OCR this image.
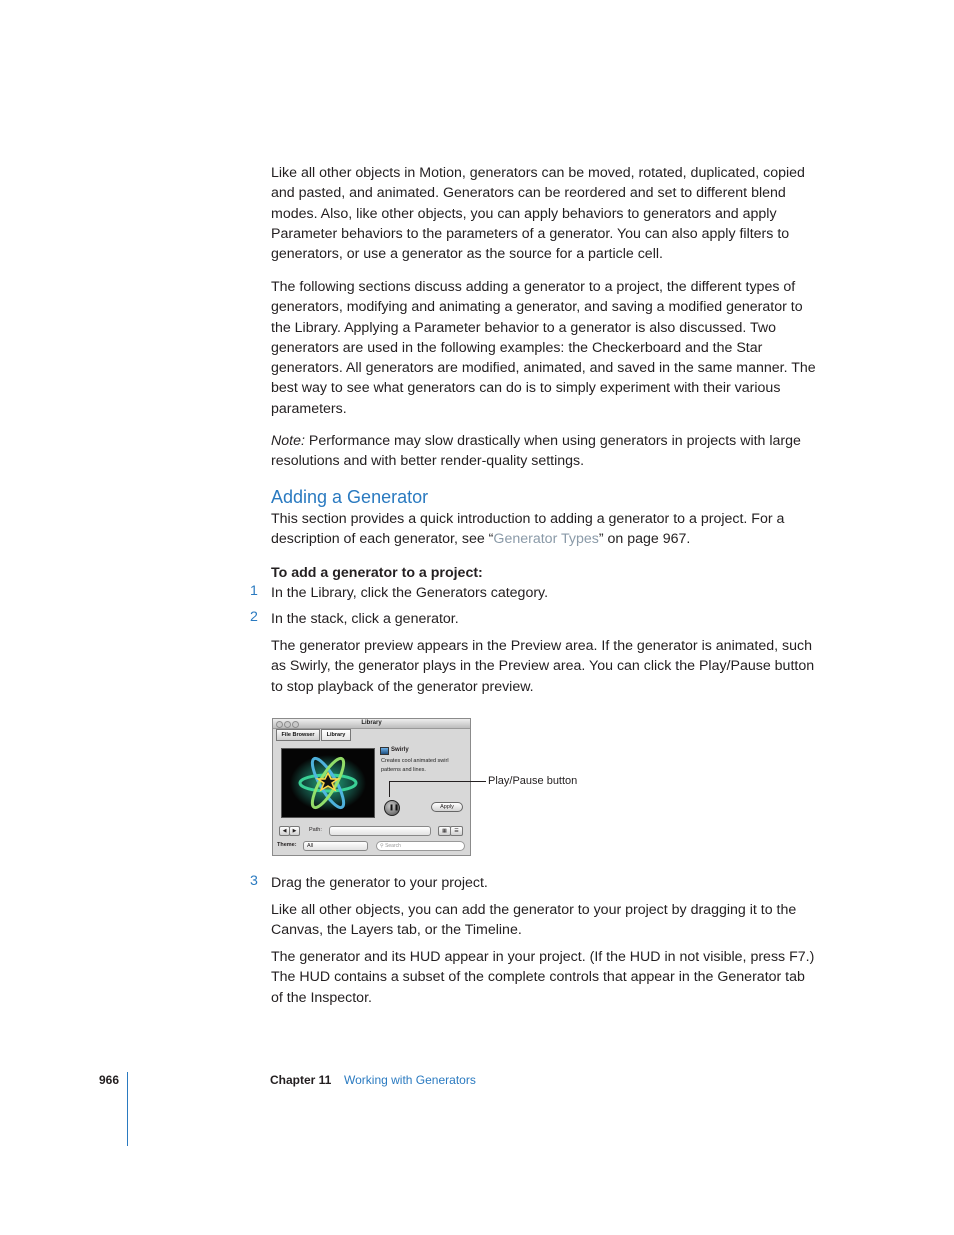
Like all other objects in Motion, generators can be moved, rotated, duplicated, copied and pasted, and animated. Generators can be reordered and set to different blend modes. Also, like other objects, you can apply behaviors to generators and apply Parameter behaviors to the parameters of a generator. You can also apply filters to generators, or use a generator as the source for a particle cell.

The following sections discuss adding a generator to a project, the different types of generators, modifying and animating a generator, and saving a modified generator to the Library. Applying a Parameter behavior to a generator is also discussed. Two generators are used in the following examples: the Checkerboard and the Star generators. All generators are modified, animated, and saved in the same manner. The best way to see what generators can do is to simply experiment with their various parameters.

Note: Performance may slow drastically when using generators in projects with large resolutions and with better render-quality settings.

Adding a Generator

This section provides a quick introduction to adding a generator to a project. For a description of each generator, see “Generator Types” on page 967.

To add a generator to a project:
1 In the Library, click the Generators category.
2 In the stack, click a generator.

The generator preview appears in the Preview area. If the generator is animated, such as Swirly, the generator plays in the Preview area. You can click the Play/Pause button to stop playback of the generator preview.

Library
File Browser	Library
Swirly
Creates cool animated swirl patterns and lines.
❚❚	Apply
◀	▶	Path:	▦	☰
Theme:	All	⚲ Search
Play/Pause button
3 Drag the generator to your project.

Like all other objects, you can add the generator to your project by dragging it to the Canvas, the Layers tab, or the Timeline.

The generator and its HUD appear in your project. (If the HUD in not visible, press F7.) The HUD contains a subset of the complete controls that appear in the Generator tab of the Inspector.

966	Chapter 11 Working with Generators
